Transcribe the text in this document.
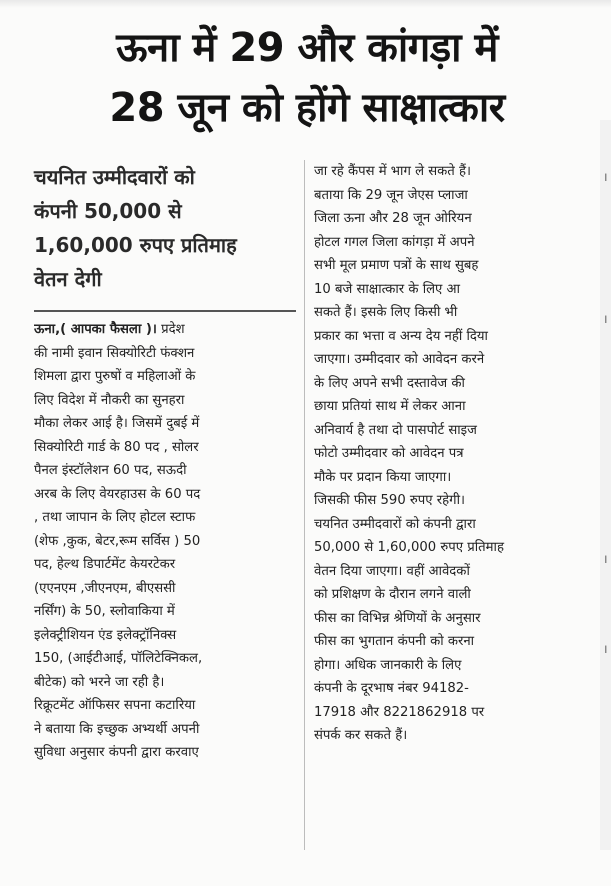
ऊना में 29 और कांगड़ा में
28 जून को होंगे साक्षात्कार
चयनित उम्मीदवारों को
कंपनी 50,000 से
1,60,000 रुपए प्रतिमाह
वेतन देगी
ऊना,( आपका फैसला )। प्रदेश
की नामी इवान सिक्योरिटी फंक्शन
शिमला द्वारा पुरुषों व महिलाओं के
लिए विदेश में नौकरी का सुनहरा
मौका लेकर आई है। जिसमें दुबई में
सिक्योरिटी गार्ड के 80 पद , सोलर
पैनल इंस्टॉलेशन 60 पद, सऊदी
अरब के लिए वेयरहाउस के 60 पद
, तथा जापान के लिए होटल स्टाफ
(शेफ ,कुक, बेटर,रूम सर्विस ) 50
पद, हेल्थ डिपार्टमेंट केयरटेकर
(एएनएम ,जीएनएम, बीएससी
नर्सिंग) के 50, स्लोवाकिया में
इलेक्ट्रीशियन एंड इलेक्ट्रॉनिक्स
150, (आईटीआई, पॉलिटेक्निकल,
बीटेक) को भरने जा रही है।
रिक्रूटमेंट ऑफिसर सपना कटारिया
ने बताया कि इच्छुक अभ्यर्थी अपनी
सुविधा अनुसार कंपनी द्वारा करवाए
जा रहे कैंपस में भाग ले सकते हैं।
बताया कि 29 जून जेएस प्लाजा
जिला ऊना और 28 जून ओरियन
होटल गगल जिला कांगड़ा में अपने
सभी मूल प्रमाण पत्रों के साथ सुबह
10 बजे साक्षात्कार के लिए आ
सकते हैं। इसके लिए किसी भी
प्रकार का भत्ता व अन्य देय नहीं दिया
जाएगा। उम्मीदवार को आवेदन करने
के लिए अपने सभी दस्तावेज की
छाया प्रतियां साथ में लेकर आना
अनिवार्य है तथा दो पासपोर्ट साइज
फोटो उम्मीदवार को आवेदन पत्र
मौके पर प्रदान किया जाएगा।
जिसकी फीस 590 रुपए रहेगी।
चयनित उम्मीदवारों को कंपनी द्वारा
50,000 से 1,60,000 रुपए प्रतिमाह
वेतन दिया जाएगा। वहीं आवेदकों
को प्रशिक्षण के दौरान लगने वाली
फीस का विभिन्न श्रेणियों के अनुसार
फीस का भुगतान कंपनी को करना
होगा। अधिक जानकारी के लिए
कंपनी के दूरभाष नंबर 94182-
17918 और 8221862918 पर
संपर्क कर सकते हैं।
।
।
।
।
